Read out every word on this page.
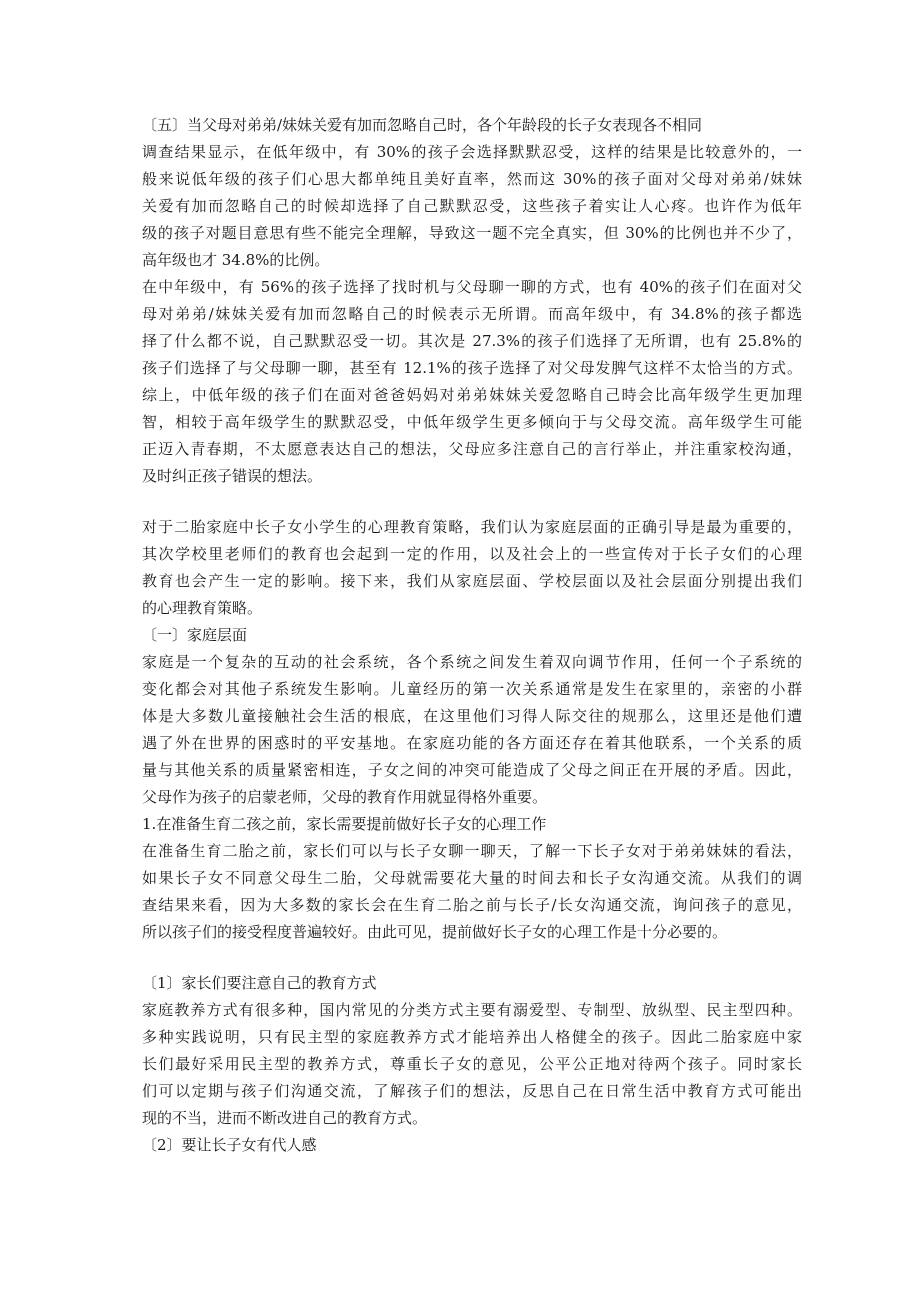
〔五〕当父母对弟弟/妹妹关爱有加而忽略自己时，各个年龄段的长子女表现各不相同
调查结果显示，在低年级中，有 30%的孩子会选择默默忍受，这样的结果是比较意外的，一
般来说低年级的孩子们心思大都单纯且美好直率，然而这 30%的孩子面对父母对弟弟/妹妹
关爱有加而忽略自己的时候却选择了自己默默忍受，这些孩子着实让人心疼。也许作为低年
级的孩子对题目意思有些不能完全理解，导致这一题不完全真实，但 30%的比例也并不少了，
高年级也才 34.8%的比例。
在中年级中，有 56%的孩子选择了找时机与父母聊一聊的方式，也有 40%的孩子们在面对父
母对弟弟/妹妹关爱有加而忽略自己的时候表示无所谓。而高年级中，有 34.8%的孩子都选
择了什么都不说，自己默默忍受一切。其次是 27.3%的孩子们选择了无所谓，也有 25.8%的
孩子们选择了与父母聊一聊，甚至有 12.1%的孩子选择了对父母发脾气这样不太恰当的方式。
综上，中低年级的孩子们在面对爸爸妈妈对弟弟妹妹关爱忽略自己時会比高年级学生更加理
智，相较于高年级学生的默默忍受，中低年级学生更多倾向于与父母交流。高年级学生可能
正迈入青春期，不太愿意表达自己的想法，父母应多注意自己的言行举止，并注重家校沟通，
及时纠正孩子错误的想法。
对于二胎家庭中长子女小学生的心理教育策略，我们认为家庭层面的正确引导是最为重要的，
其次学校里老师们的教育也会起到一定的作用，以及社会上的一些宣传对于长子女们的心理
教育也会产生一定的影响。接下来，我们从家庭层面、学校层面以及社会层面分别提出我们
的心理教育策略。
〔一〕家庭层面
家庭是一个复杂的互动的社会系统，各个系统之间发生着双向调节作用，任何一个子系统的
变化都会对其他子系统发生影响。儿童经历的第一次关系通常是发生在家里的，亲密的小群
体是大多数儿童接触社会生活的根底，在这里他们习得人际交往的规那么，这里还是他们遭
遇了外在世界的困惑时的平安基地。在家庭功能的各方面还存在着其他联系，一个关系的质
量与其他关系的质量紧密相连，子女之间的冲突可能造成了父母之间正在开展的矛盾。因此，
父母作为孩子的启蒙老师，父母的教育作用就显得格外重要。
1.在准备生育二孩之前，家长需要提前做好长子女的心理工作
在准备生育二胎之前，家长们可以与长子女聊一聊天，了解一下长子女对于弟弟妹妹的看法，
如果长子女不同意父母生二胎，父母就需要花大量的时间去和长子女沟通交流。从我们的调
查结果来看，因为大多数的家长会在生育二胎之前与长子/长女沟通交流，询问孩子的意见，
所以孩子们的接受程度普遍较好。由此可见，提前做好长子女的心理工作是十分必要的。
〔1〕家长们要注意自己的教育方式
家庭教养方式有很多种，国内常见的分类方式主要有溺爱型、专制型、放纵型、民主型四种。
多种实践说明，只有民主型的家庭教养方式才能培养出人格健全的孩子。因此二胎家庭中家
长们最好采用民主型的教养方式，尊重长子女的意见，公平公正地对待两个孩子。同时家长
们可以定期与孩子们沟通交流，了解孩子们的想法，反思自己在日常生活中教育方式可能出
现的不当，进而不断改进自己的教育方式。
〔2〕要让长子女有代人感
